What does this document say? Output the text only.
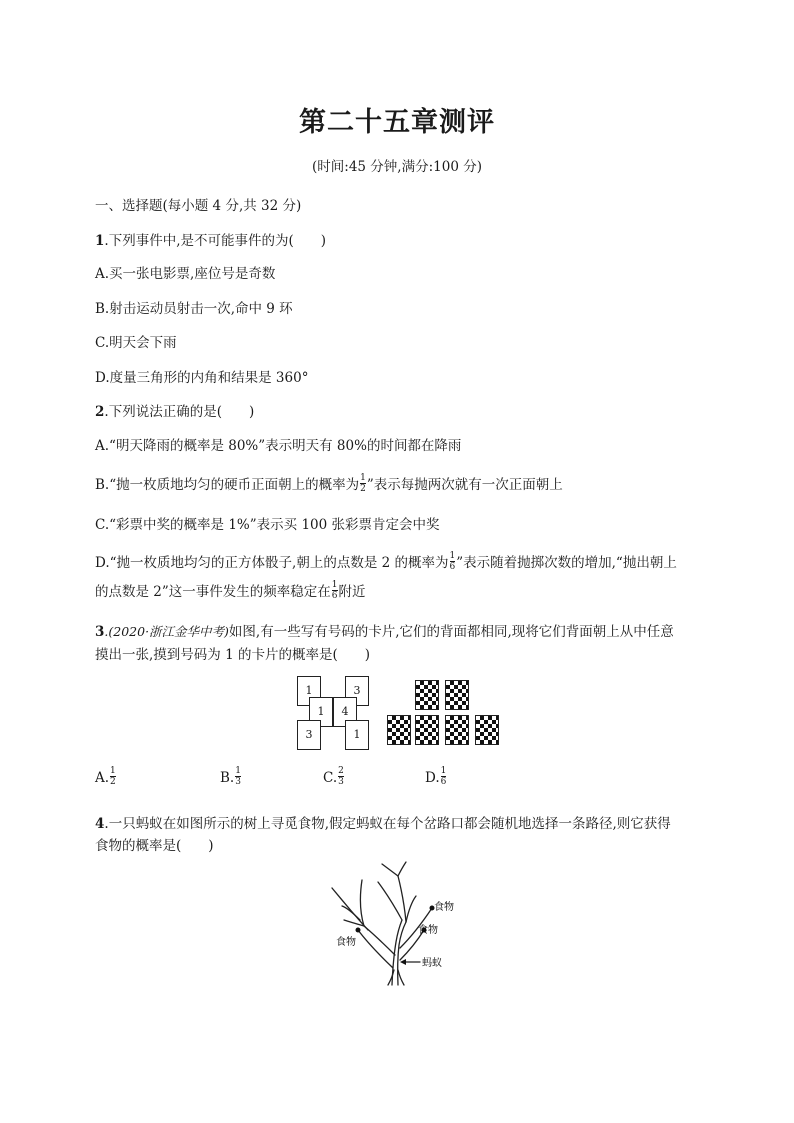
第二十五章测评
(时间:45 分钟,满分:100 分)
一、选择题(每小题 4 分,共 32 分)
1.下列事件中,是不可能事件的为(　　)
A.买一张电影票,座位号是奇数
B.射击运动员射击一次,命中 9 环
C.明天会下雨
D.度量三角形的内角和结果是 360°
2.下列说法正确的是(　　)
A.“明天降雨的概率是 80%”表示明天有 80%的时间都在降雨
B.“抛一枚质地均匀的硬币正面朝上的概率为 $\frac{1}{2}$ ”表示每抛两次就有一次正面朝上
C.“彩票中奖的概率是 1%”表示买 100 张彩票肯定会中奖
D.“抛一枚质地均匀的正方体骰子,朝上的点数是 2 的概率为 $\frac{1}{6}$ ”表示随着抛掷次数的增加,“抛出朝上
的点数是 2”这一事件发生的频率稳定在 $\frac{1}{6}$ 附近
3.(2020·浙江金华中考)如图,有一些写有号码的卡片,它们的背面都相同,现将它们背面朝上从中任意
摸出一张,摸到号码为 1 的卡片的概率是(　　)
1	3
1	4
3	1
A. $\frac{1}{2}$	B. $\frac{1}{3}$	C. $\frac{2}{3}$	D. $\frac{1}{6}$
4.一只蚂蚁在如图所示的树上寻觅食物,假定蚂蚁在每个岔路口都会随机地选择一条路径,则它获得
食物的概率是(　　)
食物
食物
食物
蚂蚁
